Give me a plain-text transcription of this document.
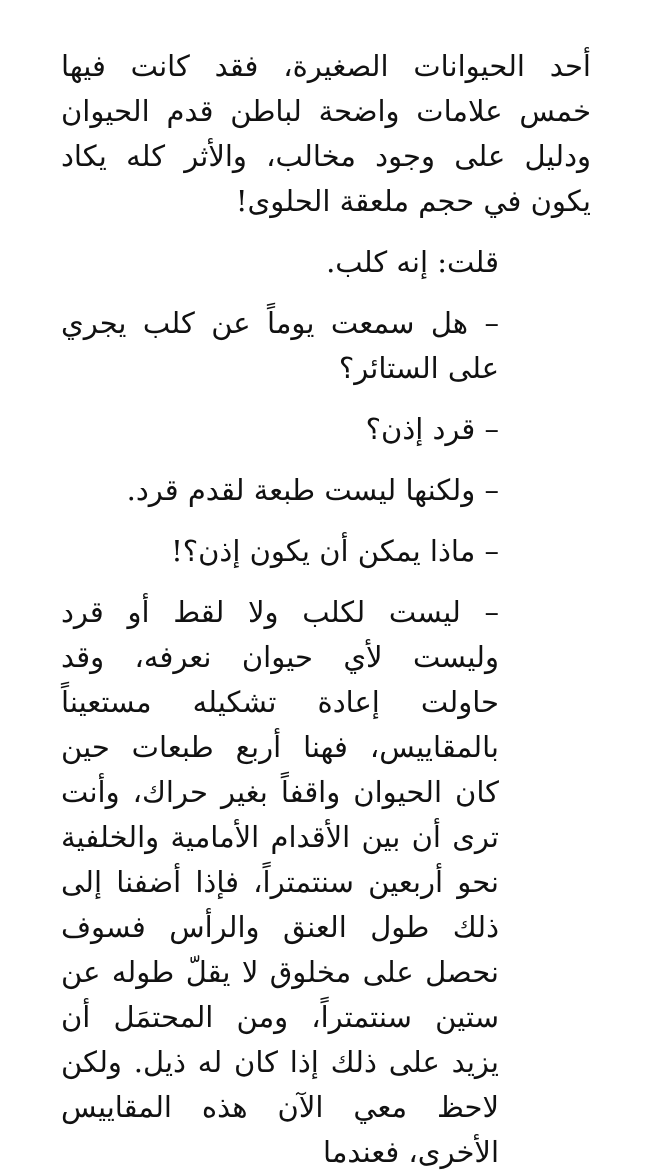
أحد الحيوانات الصغيرة، فقد كانت فيها خمس علامات واضحة لباطن قدم الحيوان ودليل على وجود مخالب، والأثر كله يكاد يكون في حجم ملعقة الحلوى!

قلت: إنه كلب.

– هل سمعت يوماً عن كلب يجري على الستائر؟

– قرد إذن؟

– ولكنها ليست طبعة لقدم قرد.

– ماذا يمكن أن يكون إذن؟!

– ليست لكلب ولا لقط أو قرد وليست لأي حيوان نعرفه، وقد حاولت إعادة تشكيله مستعيناً بالمقاييس، فهنا أربع طبعات حين كان الحيوان واقفاً بغير حراك، وأنت ترى أن بين الأقدام الأمامية والخلفية نحو أربعين سنتمتراً، فإذا أضفنا إلى ذلك طول العنق والرأس فسوف نحصل على مخلوق لا يقلّ طوله عن ستين سنتمتراً، ومن المحتمَل أن يزيد على ذلك إذا كان له ذيل. ولكن لاحظ معي الآن هذه المقاييس الأخرى، فعندما
